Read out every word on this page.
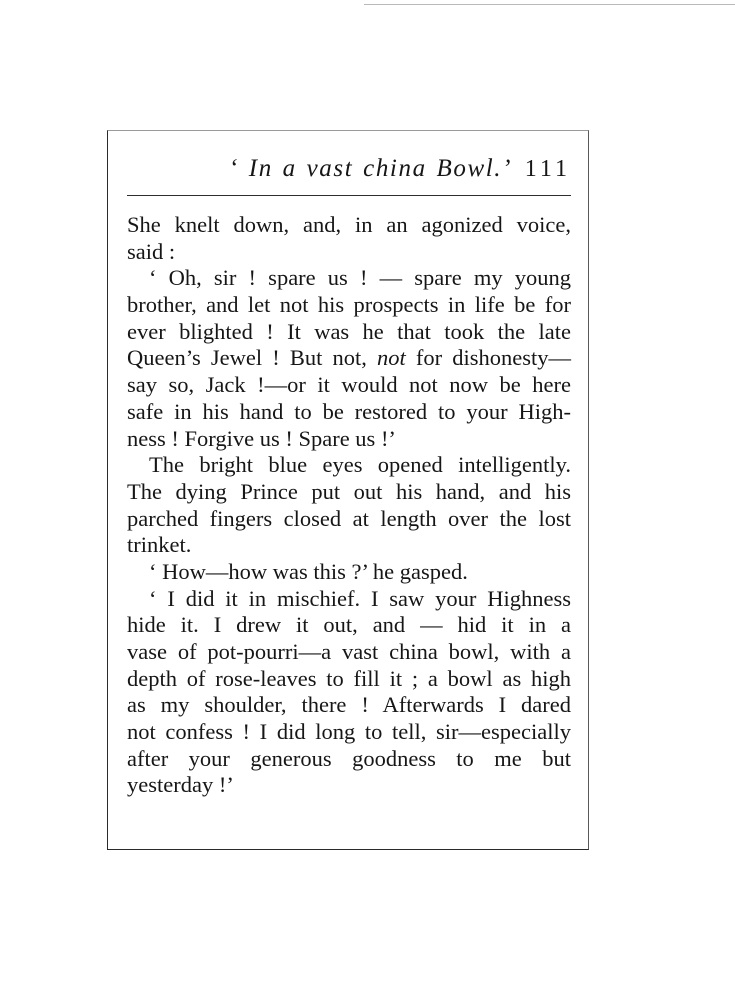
‘ In a vast china Bowl.’ 111
She knelt down, and, in an agonized voice,
said :
‘ Oh, sir ! spare us ! — spare my young
brother, and let not his prospects in life be for
ever blighted ! It was he that took the late
Queen’s Jewel ! But not, not for dishonesty—
say so, Jack !—or it would not now be here
safe in his hand to be restored to your High-
ness ! Forgive us ! Spare us !’
The bright blue eyes opened intelligently.
The dying Prince put out his hand, and his
parched fingers closed at length over the lost
trinket.
‘ How—how was this ?’ he gasped.
‘ I did it in mischief. I saw your Highness
hide it. I drew it out, and — hid it in a
vase of pot-pourri—a vast china bowl, with a
depth of rose-leaves to fill it ; a bowl as high
as my shoulder, there ! Afterwards I dared
not confess ! I did long to tell, sir—especially
after your generous goodness to me but
yesterday !’
